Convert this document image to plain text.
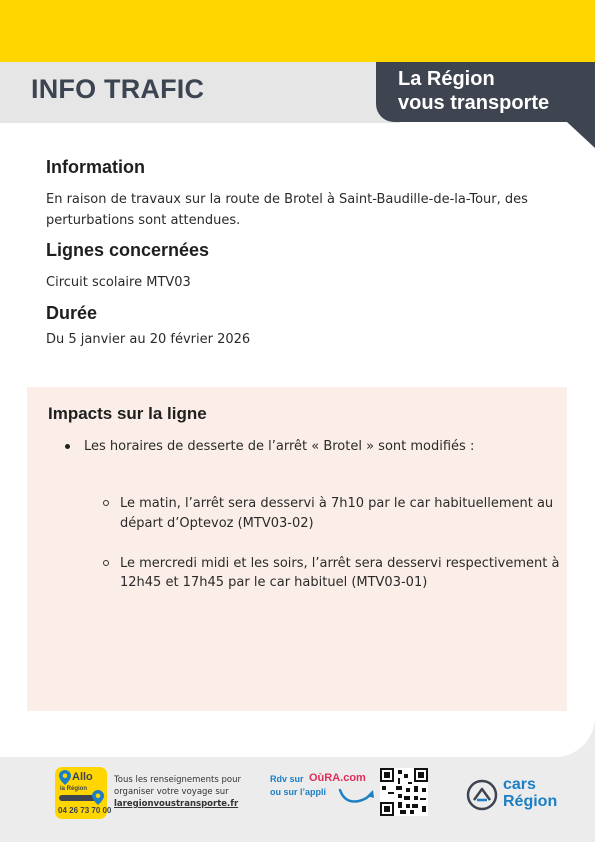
INFO TRAFIC	La Région
vous transporte
Information

En raison de travaux sur la route de Brotel à Saint-Baudille-de-la-Tour, des

perturbations sont attendues.

Lignes concernées

Circuit scolaire MTV03

Durée

Du 5 janvier au 20 février 2026

Impacts sur la ligne
Les horaires de desserte de l’arrêt « Brotel » sont modifiés :
Le matin, l’arrêt sera desservi à 7h10 par le car habituellement au
départ d’Optevoz (MTV03-02)
Le mercredi midi et les soirs, l’arrêt sera desservi respectivement à
12h45 et 17h45 par le car habituel (MTV03-01)
Allo
la Région
04 26 73 70 00
Tous les renseignements pour
organiser votre voyage sur
laregionvoustransporte.fr
Rdv sur OùRA.com
ou sur l’appli	cars
Région
